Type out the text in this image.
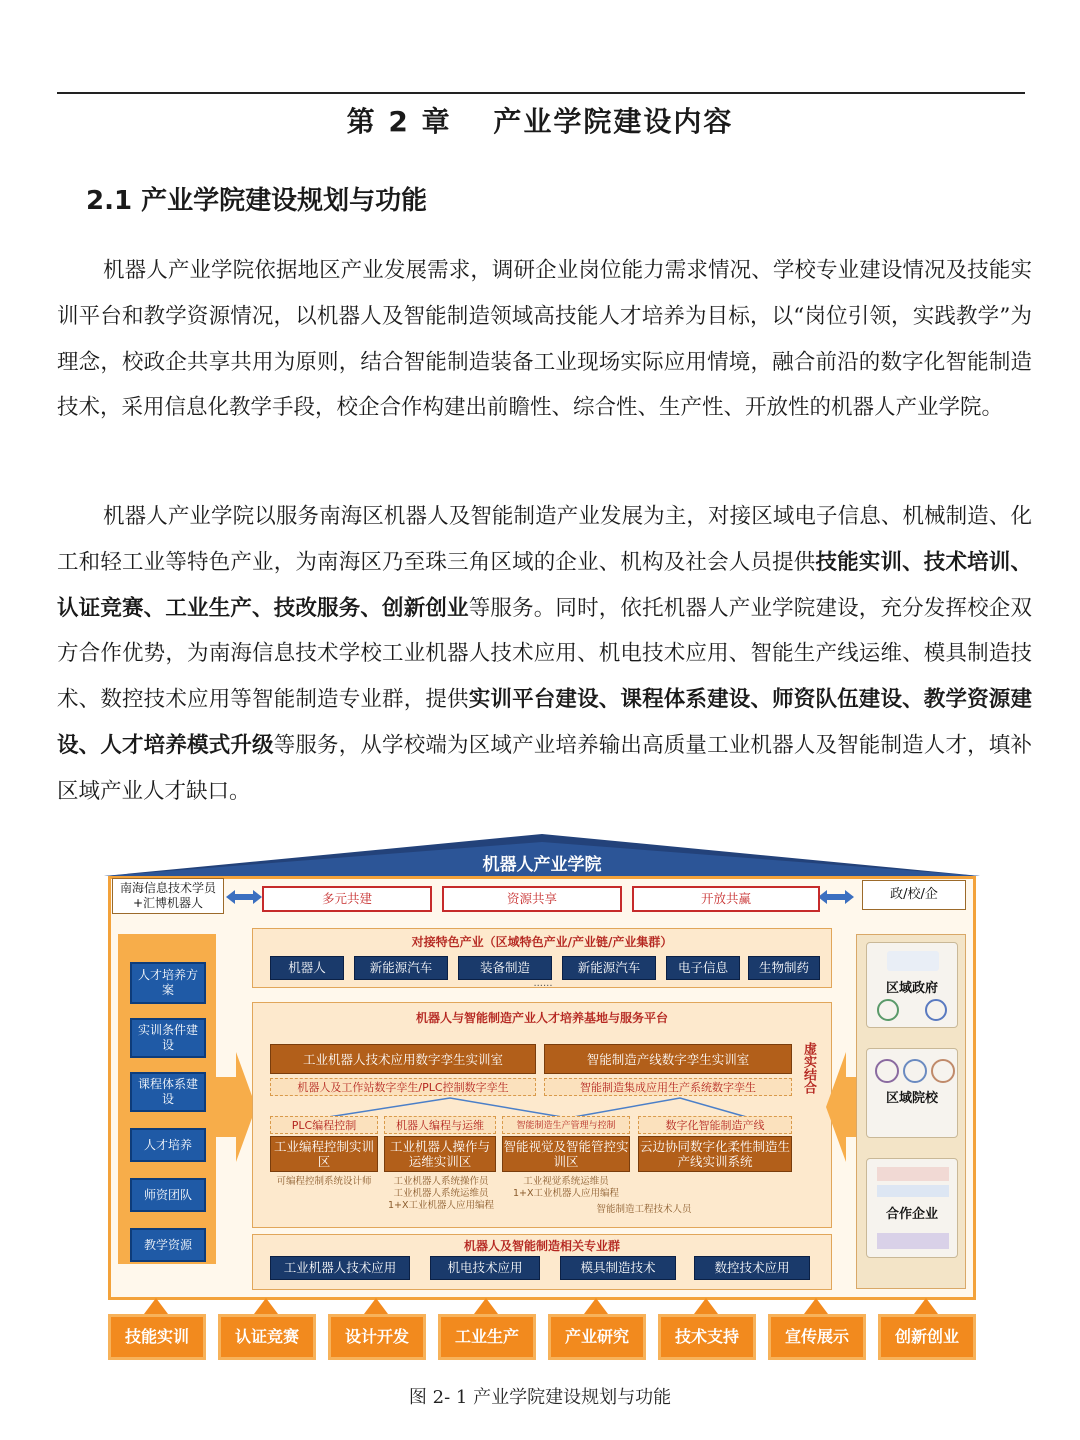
第 2 章　 产业学院建设内容
2.1 产业学院建设规划与功能

机器人产业学院依据地区产业发展需求，调研企业岗位能力需求情况、学校专业建设情况及技能实训平台和教学资源情况，以机器人及智能制造领域高技能人才培养为目标，以“岗位引领，实践教学”为理念，校政企共享共用为原则，结合智能制造装备工业现场实际应用情境，融合前沿的数字化智能制造技术，采用信息化教学手段，校企合作构建出前瞻性、综合性、生产性、开放性的机器人产业学院。

机器人产业学院以服务南海区机器人及智能制造产业发展为主，对接区域电子信息、机械制造、化工和轻工业等特色产业，为南海区乃至珠三角区域的企业、机构及社会人员提供技能实训、技术培训、认证竞赛、工业生产、技改服务、创新创业等服务。同时，依托机器人产业学院建设，充分发挥校企双方合作优势，为南海信息技术学校工业机器人技术应用、机电技术应用、智能生产线运维、模具制造技术、数控技术应用等智能制造专业群，提供实训平台建设、课程体系建设、师资队伍建设、教学资源建设、人才培养模式升级等服务，从学校端为区域产业培养输出高质量工业机器人及智能制造人才，填补区域产业人才缺口。

机器人产业学院
南海信息技术学员+汇博机器人
政/校/企
多元共建	资源共享	开放共赢
人才培养方案
实训条件建设
课程体系建设
人才培养
师资团队
教学资源
对接特色产业（区域特色产业/产业链/产业集群）
机器人	新能源汽车	装备制造	新能源汽车	电子信息	生物制药
......
机器人与智能制造产业人才培养基地与服务平台
工业机器人技术应用数字孪生实训室	智能制造产线数字孪生实训室
机器人及工作站数字孪生/PLC控制数字孪生	智能制造集成应用生产系统数字孪生
PLC编程控制	机器人编程与运维	智能制造生产管理与控制	数字化智能制造产线
工业编程控制实训区
工业机器人操作与运维实训区
智能视觉及智能管控实训区
云边协同数字化柔性制造生产线实训系统
可编程控制系统设计师	工业机器人系统操作员
工业机器人系统运维员
1+X工业机器人应用编程
工业视觉系统运维员
1+X工业机器人应用编程
智能制造工程技术人员
虚实结合
机器人及智能制造相关专业群
工业机器人技术应用	机电技术应用	模具制造技术	数控技术应用
区域政府
区域院校
合作企业
技能实训	认证竞赛	设计开发	工业生产	产业研究	技术支持	宣传展示	创新创业
图 2- 1 产业学院建设规划与功能
